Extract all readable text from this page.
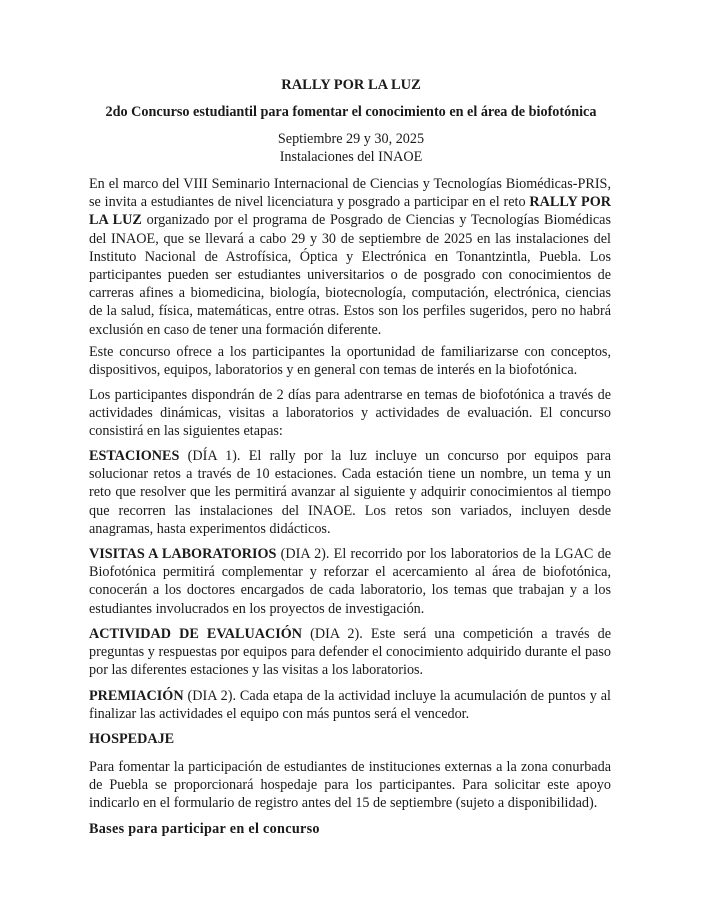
RALLY POR LA LUZ
2do Concurso estudiantil para fomentar el conocimiento en el área de biofotónica
Septiembre 29 y 30, 2025
Instalaciones del INAOE

En el marco del VIII Seminario Internacional de Ciencias y Tecnologías Biomédicas-PRIS, se invita a estudiantes de nivel licenciatura y posgrado a participar en el reto RALLY POR LA LUZ organizado por el programa de Posgrado de Ciencias y Tecnologías Biomédicas del INAOE, que se llevará a cabo 29 y 30 de septiembre de 2025 en las instalaciones del Instituto Nacional de Astrofísica, Óptica y Electrónica en Tonantzintla, Puebla. Los participantes pueden ser estudiantes universitarios o de posgrado con conocimientos de carreras afines a biomedicina, biología, biotecnología, computación, electrónica, ciencias de la salud, física, matemáticas, entre otras. Estos son los perfiles sugeridos, pero no habrá exclusión en caso de tener una formación diferente.

Este concurso ofrece a los participantes la oportunidad de familiarizarse con conceptos, dispositivos, equipos, laboratorios y en general con temas de interés en la biofotónica.

Los participantes dispondrán de 2 días para adentrarse en temas de biofotónica a través de actividades dinámicas, visitas a laboratorios y actividades de evaluación. El concurso consistirá en las siguientes etapas:

ESTACIONES (DÍA 1). El rally por la luz incluye un concurso por equipos para solucionar retos a través de 10 estaciones. Cada estación tiene un nombre, un tema y un reto que resolver que les permitirá avanzar al siguiente y adquirir conocimientos al tiempo que recorren las instalaciones del INAOE. Los retos son variados, incluyen desde anagramas, hasta experimentos didácticos.

VISITAS A LABORATORIOS (DIA 2). El recorrido por los laboratorios de la LGAC de Biofotónica permitirá complementar y reforzar el acercamiento al área de biofotónica, conocerán a los doctores encargados de cada laboratorio, los temas que trabajan y a los estudiantes involucrados en los proyectos de investigación.

ACTIVIDAD DE EVALUACIÓN (DIA 2). Este será una competición a través de preguntas y respuestas por equipos para defender el conocimiento adquirido durante el paso por las diferentes estaciones y las visitas a los laboratorios.

PREMIACIÓN (DIA 2). Cada etapa de la actividad incluye la acumulación de puntos y al finalizar las actividades el equipo con más puntos será el vencedor.

HOSPEDAJE

Para fomentar la participación de estudiantes de instituciones externas a la zona conurbada de Puebla se proporcionará hospedaje para los participantes. Para solicitar este apoyo indicarlo en el formulario de registro antes del 15 de septiembre (sujeto a disponibilidad).

Bases para participar en el concurso
